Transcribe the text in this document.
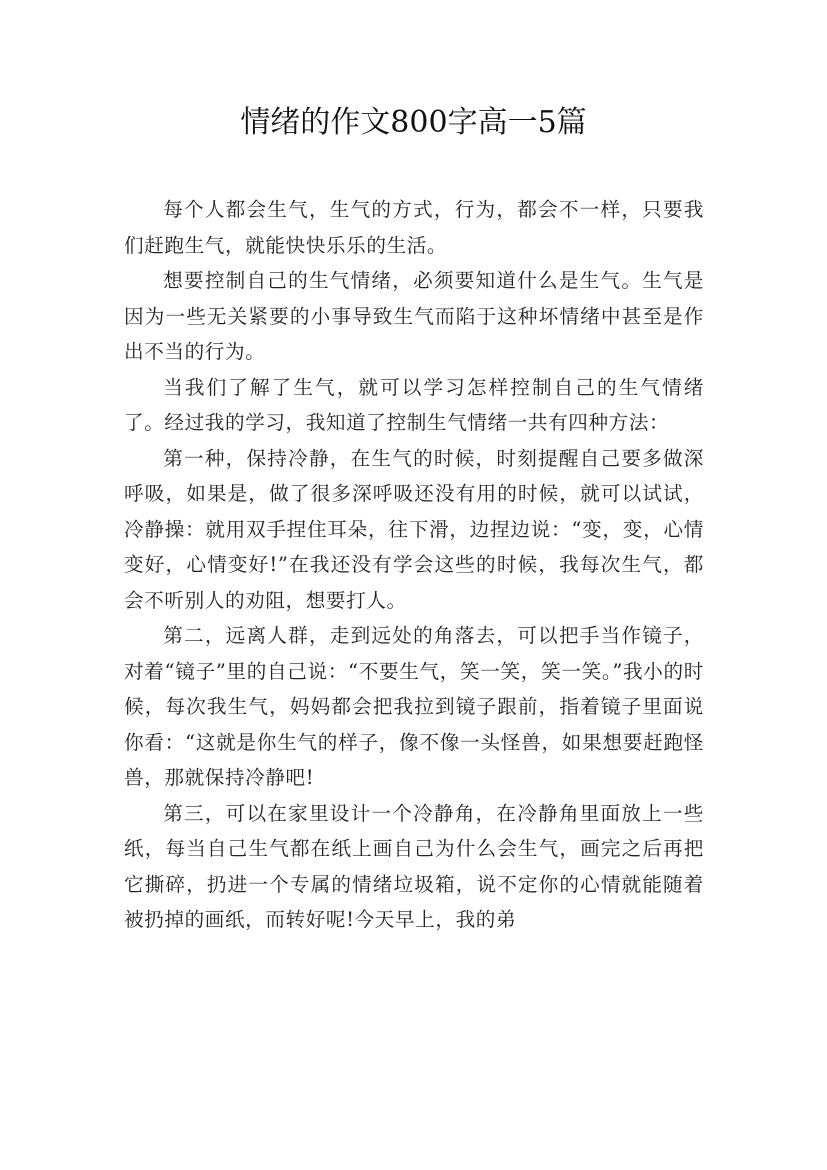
情绪的作文800字高一5篇

每个人都会生气，生气的方式，行为，都会不一样，只要我们赶跑生气，就能快快乐乐的生活。

想要控制自己的生气情绪，必须要知道什么是生气。生气是因为一些无关紧要的小事导致生气而陷于这种坏情绪中甚至是作出不当的行为。

当我们了解了生气，就可以学习怎样控制自己的生气情绪了。经过我的学习，我知道了控制生气情绪一共有四种方法：

第一种，保持冷静，在生气的时候，时刻提醒自己要多做深呼吸，如果是，做了很多深呼吸还没有用的时候，就可以试试，冷静操：就用双手捏住耳朵，往下滑，边捏边说：“变，变，心情变好，心情变好!”在我还没有学会这些的时候，我每次生气，都会不听别人的劝阻，想要打人。

第二，远离人群，走到远处的角落去，可以把手当作镜子，对着“镜子”里的自己说：“不要生气，笑一笑，笑一笑。”我小的时候，每次我生气，妈妈都会把我拉到镜子跟前，指着镜子里面说你看：“这就是你生气的样子，像不像一头怪兽，如果想要赶跑怪兽，那就保持冷静吧!

第三，可以在家里设计一个冷静角，在冷静角里面放上一些纸，每当自己生气都在纸上画自己为什么会生气，画完之后再把它撕碎，扔进一个专属的情绪垃圾箱，说不定你的心情就能随着被扔掉的画纸，而转好呢!今天早上，我的弟
